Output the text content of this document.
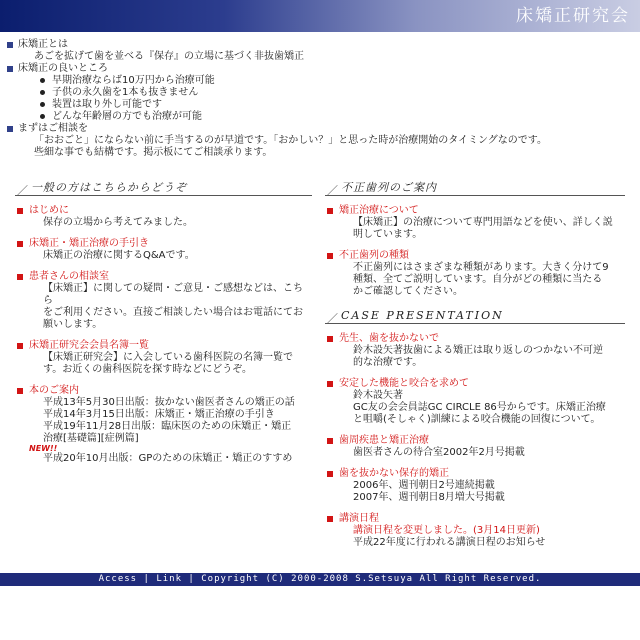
床矯正研究会
床矯正とは
あごを拡げて歯を並べる『保存』の立場に基づく非抜歯矯正
床矯正の良いところ
早期治療ならば10万円から治療可能
子供の永久歯を1本も抜きません
装置は取り外し可能です
どんな年齢層の方でも治療が可能
まずはご相談を
「おおごと」にならない前に手当するのが早道です。「おかしい？」と思った時が治療開始のタイミングなのです。
些細な事でも結構です。掲示板にてご相談承ります。
／ 一般の方はこちらからどうぞ
はじめに
保存の立場から考えてみました。
床矯正・矯正治療の手引き
床矯正の治療に関するQ&Aです。
患者さんの相談室
【床矯正】に関しての疑問・ご意見・ご感想などは、こちら
をご利用ください。直接ご相談したい場合はお電話にてお
願いします。
床矯正研究会会員名簿一覧
【床矯正研究会】に入会している歯科医院の名簿一覧で
す。お近くの歯科医院を探す時などにどうぞ。
本のご案内
平成13年5月30日出版：抜かない歯医者さんの矯正の話
平成14年3月15日出版：床矯正・矯正治療の手引き
平成19年11月28日出版：臨床医のための床矯正・矯正
治療[基礎篇][症例篇]
NEW!!
平成20年10月出版：GPのための床矯正・矯正のすすめ
／ 不正歯列のご案内
矯正治療について
【床矯正】の治療について専門用語などを使い、詳しく説
明しています。
不正歯列の種類
不正歯列にはさまざまな種類があります。大きく分けて9
種類、全てご説明しています。自分がどの種類に当たる
かご確認してください。
／ CASE PRESENTATION
先生、歯を抜かないで
鈴木設矢著抜歯による矯正は取り返しのつかない不可逆
的な治療です。
安定した機能と咬合を求めて
鈴木設矢著
GC友の会会員誌GC CIRCLE 86号からです。床矯正治療
と咀嚼(そしゃく)訓練による咬合機能の回復について。
歯周疾患と矯正治療
歯医者さんの待合室2002年2月号掲載
歯を抜かない保存的矯正
2006年、週刊朝日2号連続掲載
2007年、週刊朝日8月増大号掲載
講演日程
講演日程を変更しました。(3月14日更新)
平成22年度に行われる講演日程のお知らせ
Access | Link | Copyright (C) 2000-2008 S.Setsuya All Right Reserved.
